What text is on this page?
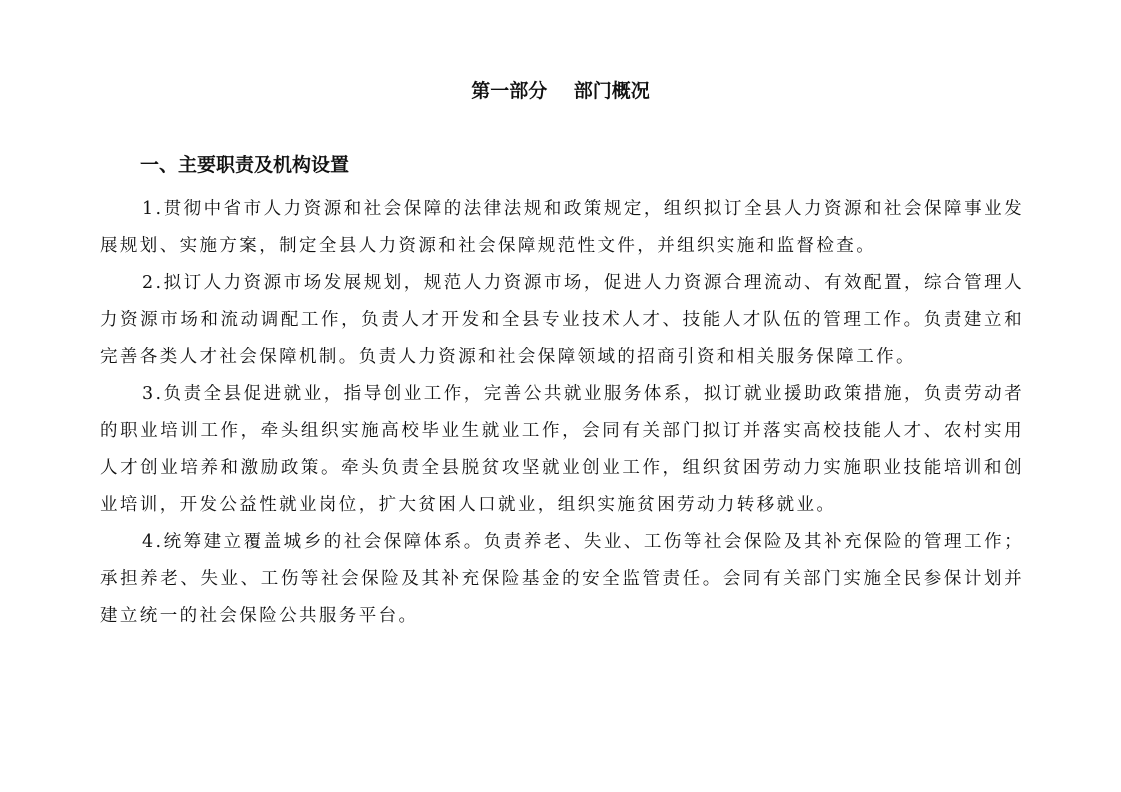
第一部分    部门概况
一、主要职责及机构设置

1.贯彻中省市人力资源和社会保障的法律法规和政策规定，组织拟订全县人力资源和社会保障事业发展规划、实施方案，制定全县人力资源和社会保障规范性文件，并组织实施和监督检查。

2.拟订人力资源市场发展规划，规范人力资源市场，促进人力资源合理流动、有效配置，综合管理人力资源市场和流动调配工作，负责人才开发和全县专业技术人才、技能人才队伍的管理工作。负责建立和完善各类人才社会保障机制。负责人力资源和社会保障领域的招商引资和相关服务保障工作。

3.负责全县促进就业，指导创业工作，完善公共就业服务体系，拟订就业援助政策措施，负责劳动者的职业培训工作，牵头组织实施高校毕业生就业工作，会同有关部门拟订并落实高校技能人才、农村实用人才创业培养和激励政策。牵头负责全县脱贫攻坚就业创业工作，组织贫困劳动力实施职业技能培训和创业培训，开发公益性就业岗位，扩大贫困人口就业，组织实施贫困劳动力转移就业。

4.统筹建立覆盖城乡的社会保障体系。负责养老、失业、工伤等社会保险及其补充保险的管理工作；承担养老、失业、工伤等社会保险及其补充保险基金的安全监管责任。会同有关部门实施全民参保计划并建立统一的社会保险公共服务平台。
